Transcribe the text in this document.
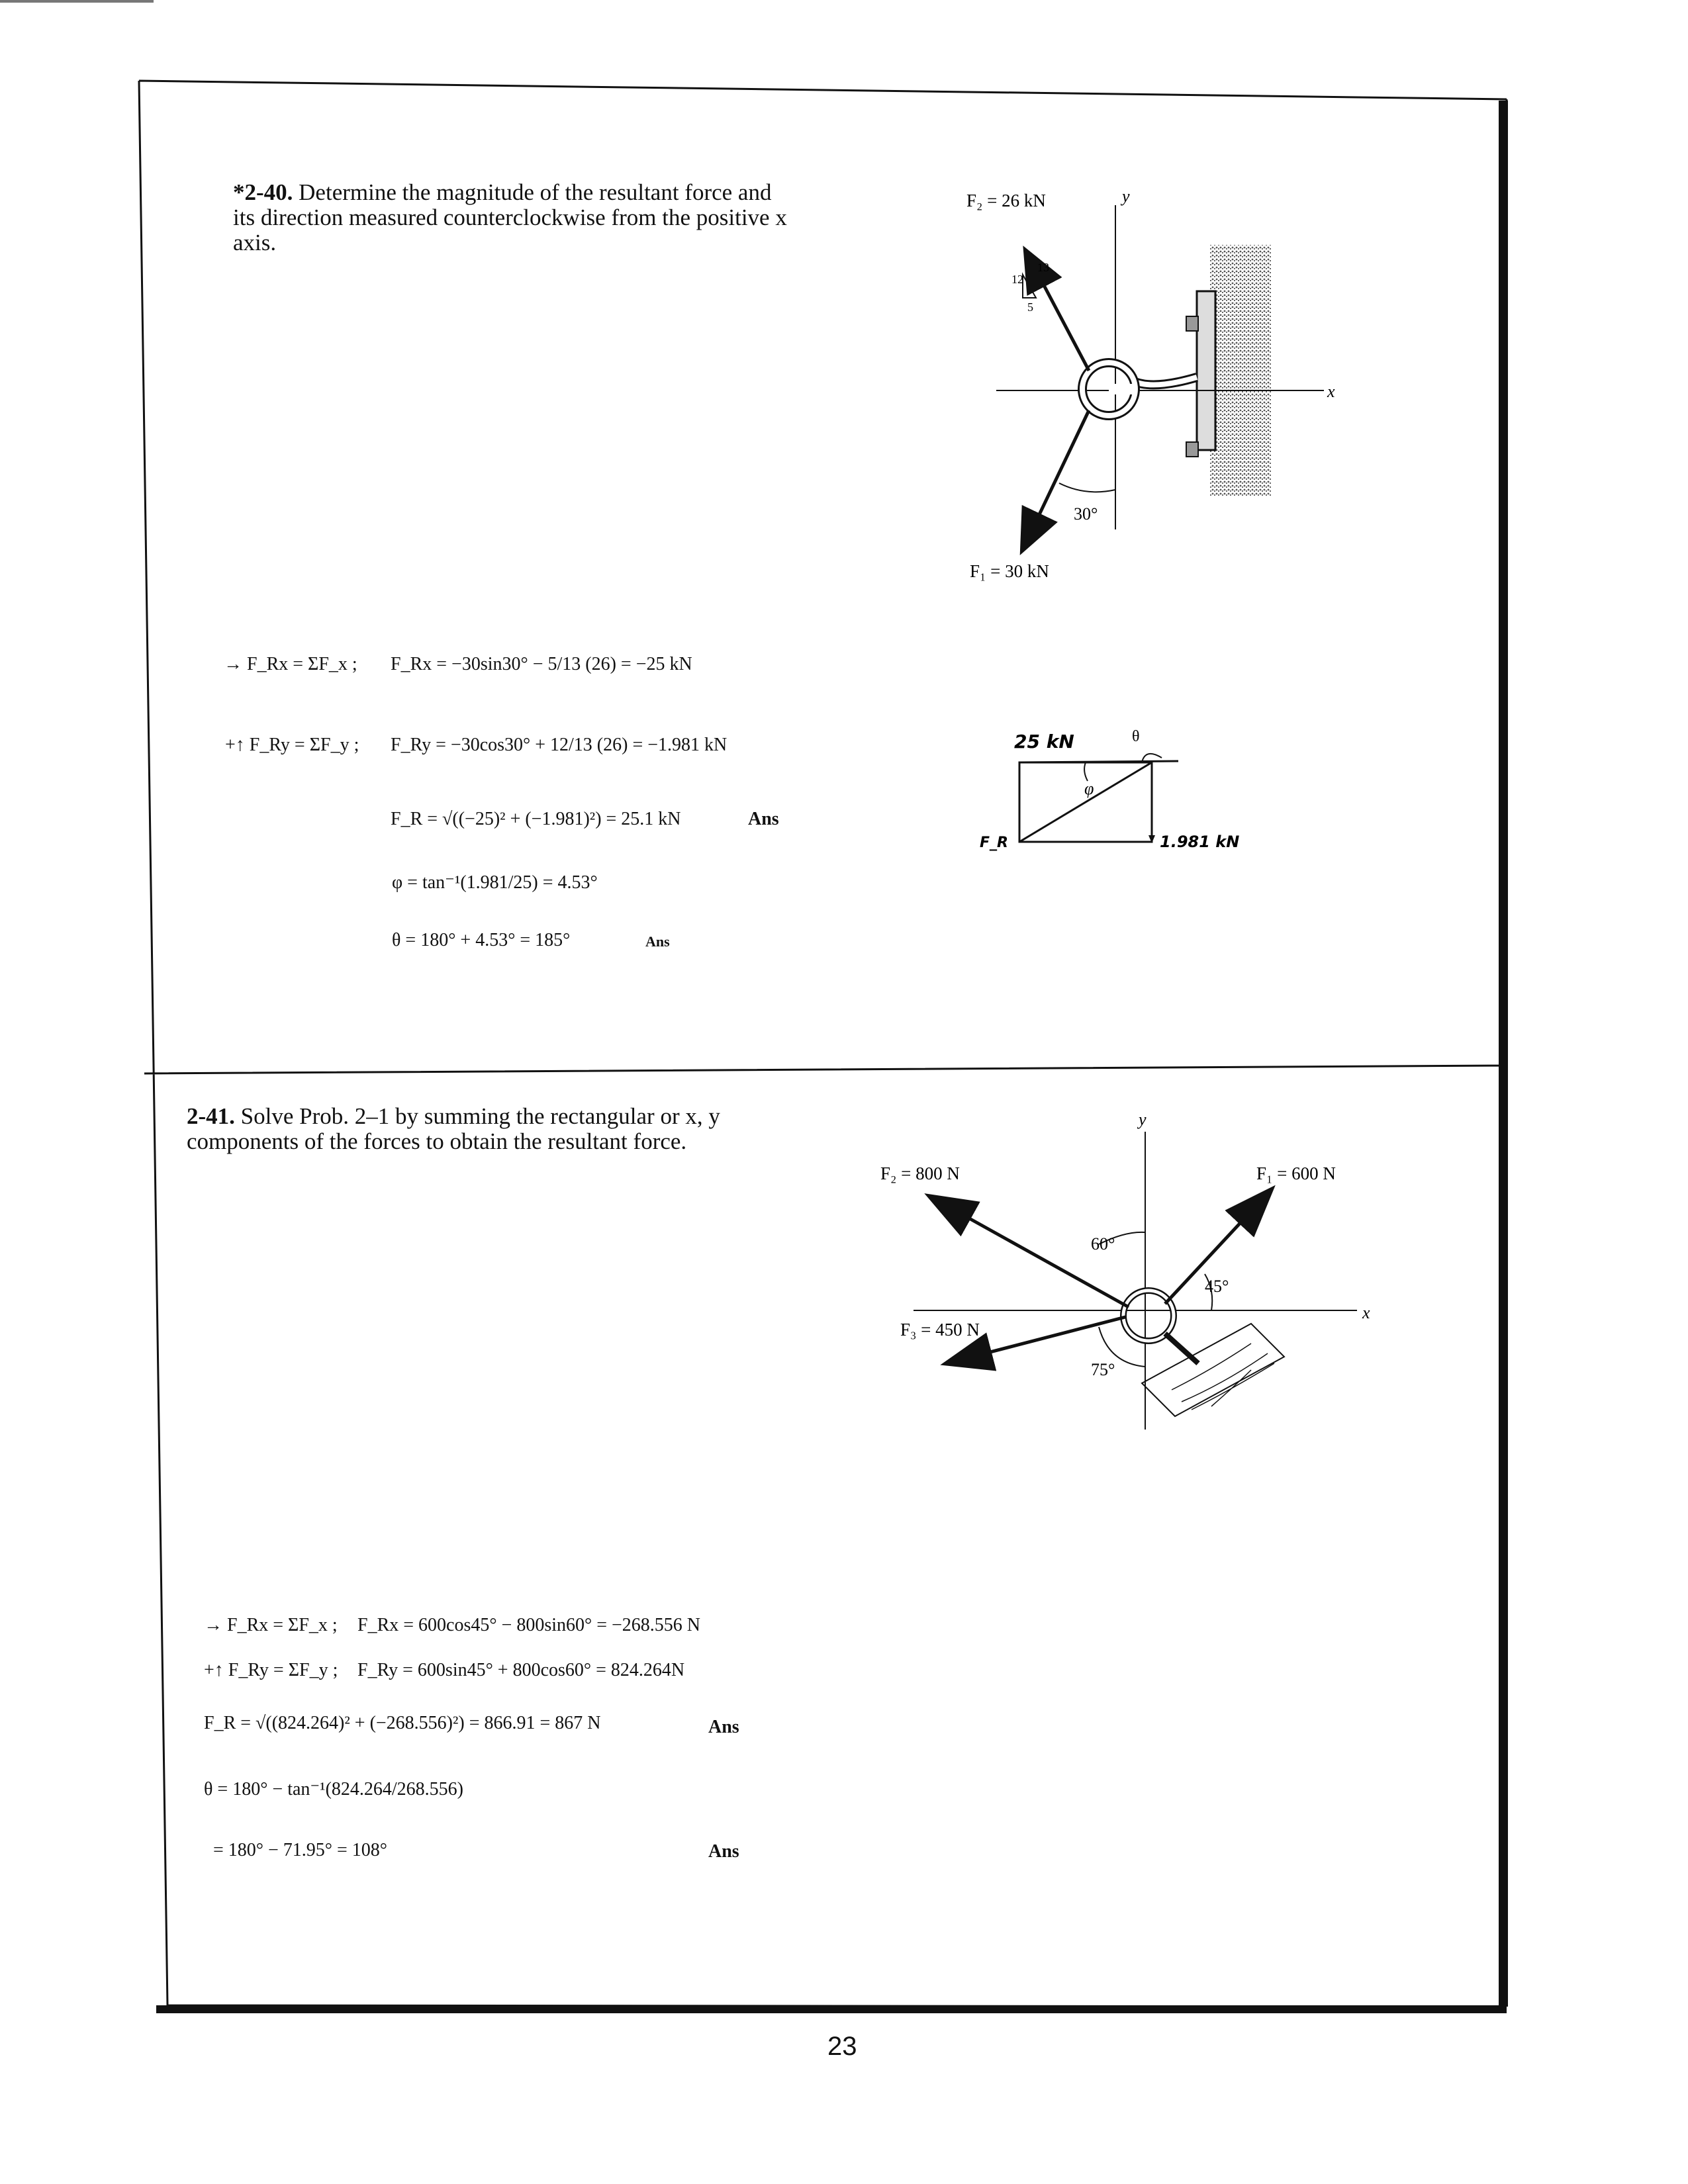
*2-40. Determine the magnitude of the resultant force and its direction measured counterclockwise from the positive x axis.
12
13
5
30°
F₂ = 26 kN
F₁ = 30 kN
y
x
→ F_Rx = ΣF_x ; F_Rx = −30sin30° − 5/13 (26) = −25 kN
+↑ F_Ry = ΣF_y ; F_Ry = −30cos30° + 12/13 (26) = −1.981 kN
F_R = √((−25)² + (−1.981)²) = 25.1 kN	Ans
φ = tan⁻¹(1.981/25) = 4.53°
θ = 180° + 4.53° = 185°	Ans
25 kN	θ
φ
1.981 kN
F_R
2-41. Solve Prob. 2–1 by summing the rectangular or x, y components of the forces to obtain the resultant force.
60°
45°
75°
y
x
F₂ = 800 N	F₁ = 600 N
F₃ = 450 N
→ F_Rx = ΣF_x ; F_Rx = 600cos45° − 800sin60° = −268.556 N
+↑ F_Ry = ΣF_y ; F_Ry = 600sin45° + 800cos60° = 824.264N
F_R = √((824.264)² + (−268.556)²) = 866.91 = 867 N	Ans
θ = 180° − tan⁻¹(824.264/268.556)
= 180° − 71.95° = 108°	Ans
23
